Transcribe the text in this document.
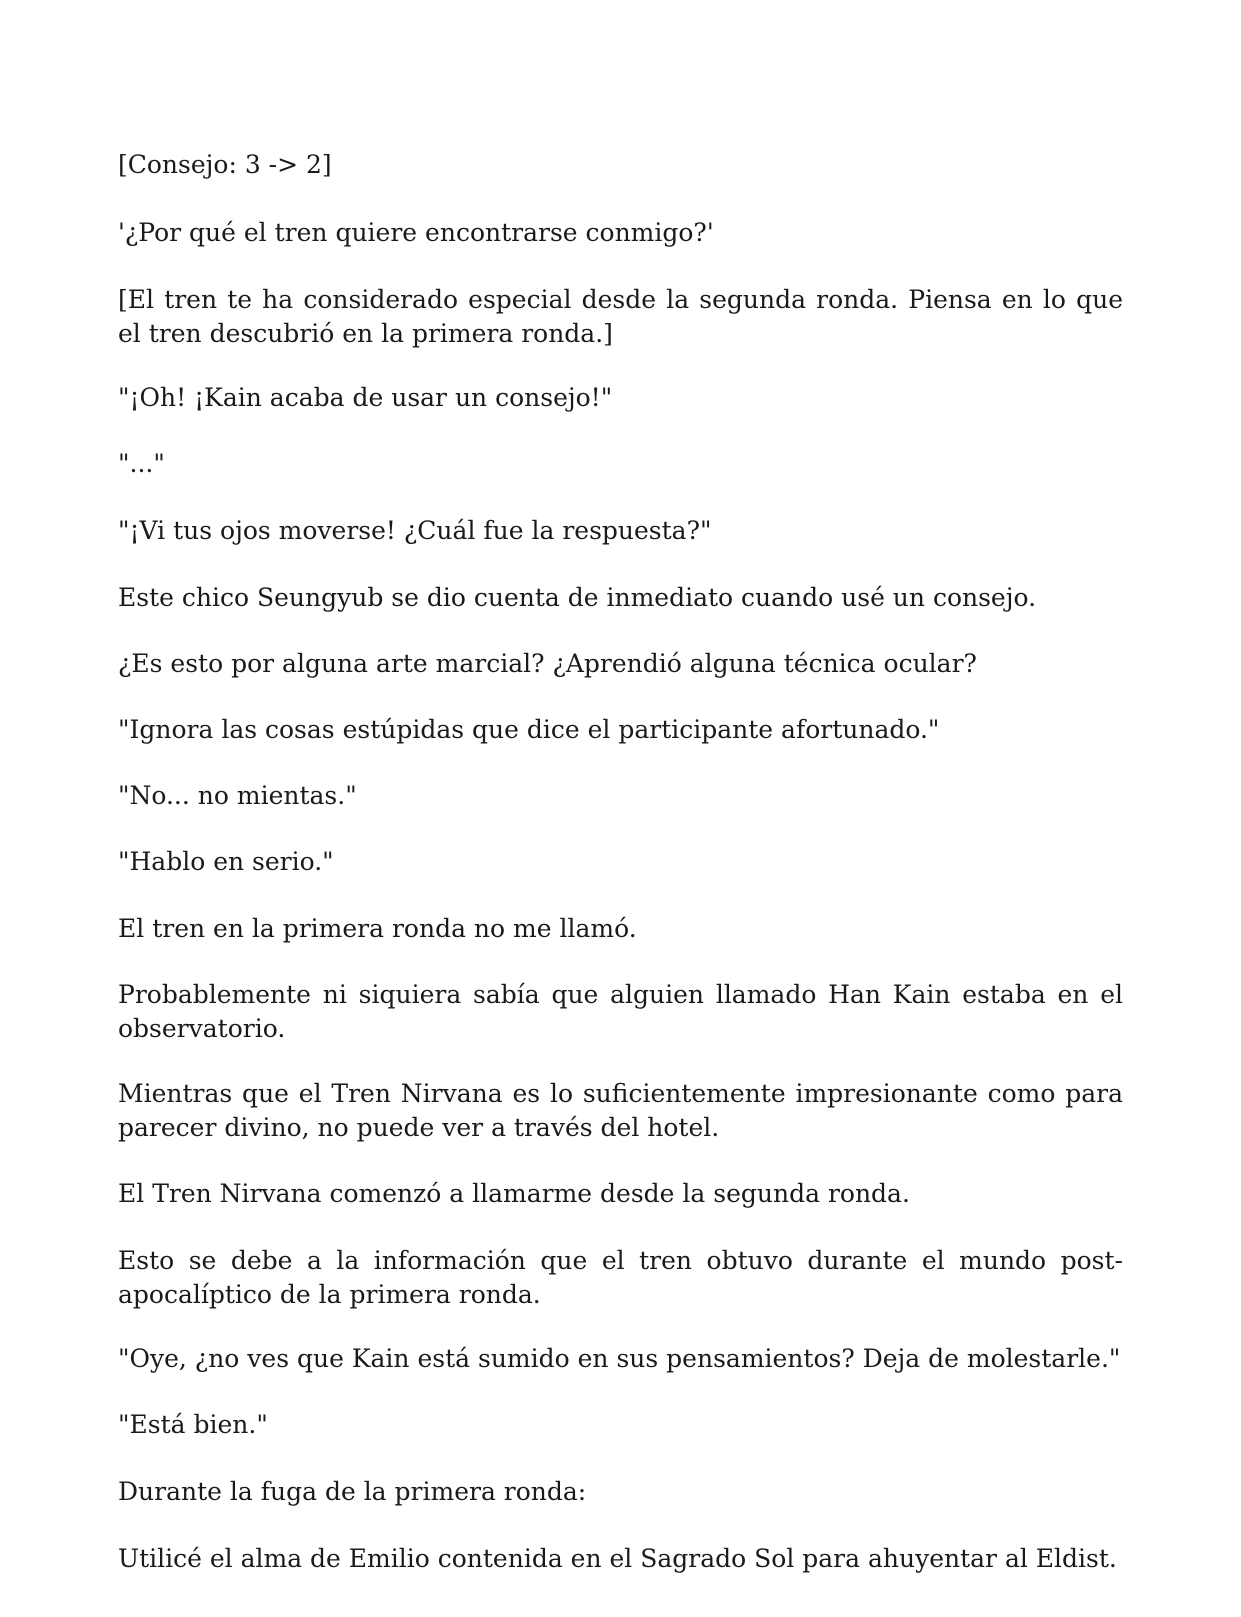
[Consejo: 3 -> 2]

'¿Por qué el tren quiere encontrarse conmigo?'

[El tren te ha considerado especial desde la segunda ronda. Piensa en lo que el tren descubrió en la primera ronda.]

"¡Oh! ¡Kain acaba de usar un consejo!"

"..."

"¡Vi tus ojos moverse! ¿Cuál fue la respuesta?"

Este chico Seungyub se dio cuenta de inmediato cuando usé un consejo.

¿Es esto por alguna arte marcial? ¿Aprendió alguna técnica ocular?

"Ignora las cosas estúpidas que dice el participante afortunado."

"No... no mientas."

"Hablo en serio."

El tren en la primera ronda no me llamó.

Probablemente ni siquiera sabía que alguien llamado Han Kain estaba en el observatorio.

Mientras que el Tren Nirvana es lo suficientemente impresionante como para parecer divino, no puede ver a través del hotel.

El Tren Nirvana comenzó a llamarme desde la segunda ronda.

Esto se debe a la información que el tren obtuvo durante el mundo post-apocalíptico de la primera ronda.

"Oye, ¿no ves que Kain está sumido en sus pensamientos? Deja de molestarle."

"Está bien."

Durante la fuga de la primera ronda:

Utilicé el alma de Emilio contenida en el Sagrado Sol para ahuyentar al Eldist.
